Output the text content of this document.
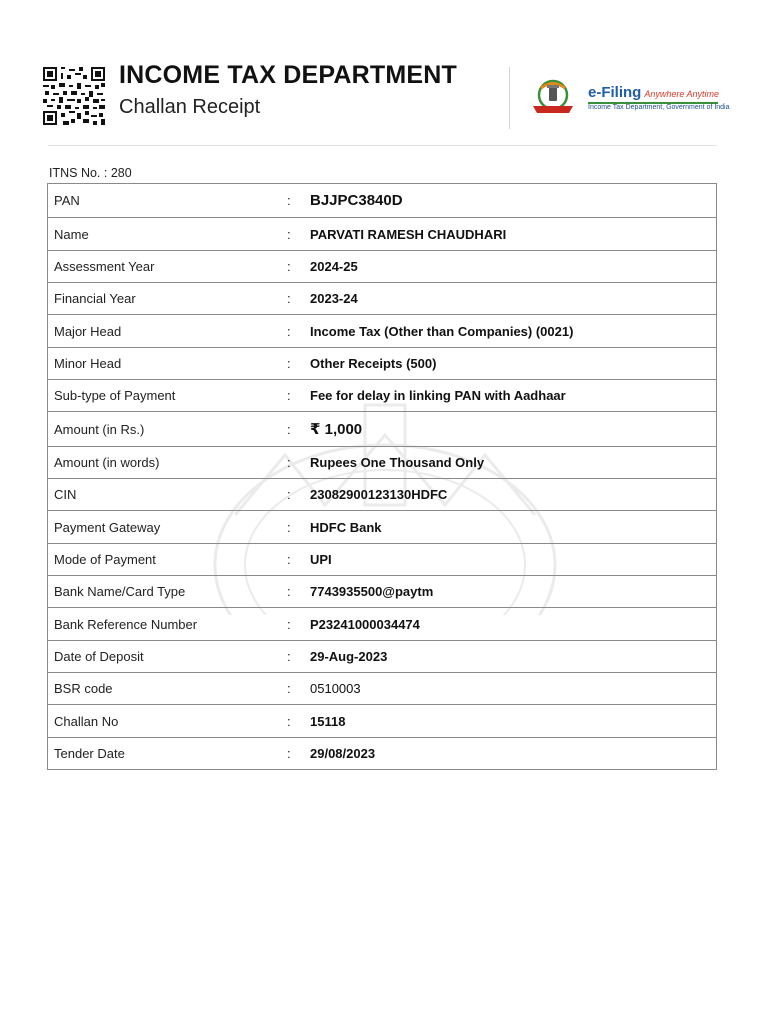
INCOME TAX DEPARTMENT
Challan Receipt
e-Filing Anywhere Anytime
Income Tax Department, Government of India
ITNS No. : 280
PAN	: BJJPC3840D
Name	: PARVATI RAMESH CHAUDHARI
Assessment Year	: 2024-25
Financial Year	: 2023-24
Major Head	: Income Tax (Other than Companies) (0021)
Minor Head	: Other Receipts (500)
Sub-type of Payment	: Fee for delay in linking PAN with Aadhaar
Amount (in Rs.)	: ₹ 1,000
Amount (in words)	: Rupees One Thousand Only
CIN	: 23082900123130HDFC
Payment Gateway	: HDFC Bank
Mode of Payment	: UPI
Bank Name/Card Type	: 7743935500@paytm
Bank Reference Number	: P23241000034474
Date of Deposit	: 29-Aug-2023
BSR code	: 0510003
Challan No	: 15118
Tender Date	: 29/08/2023
